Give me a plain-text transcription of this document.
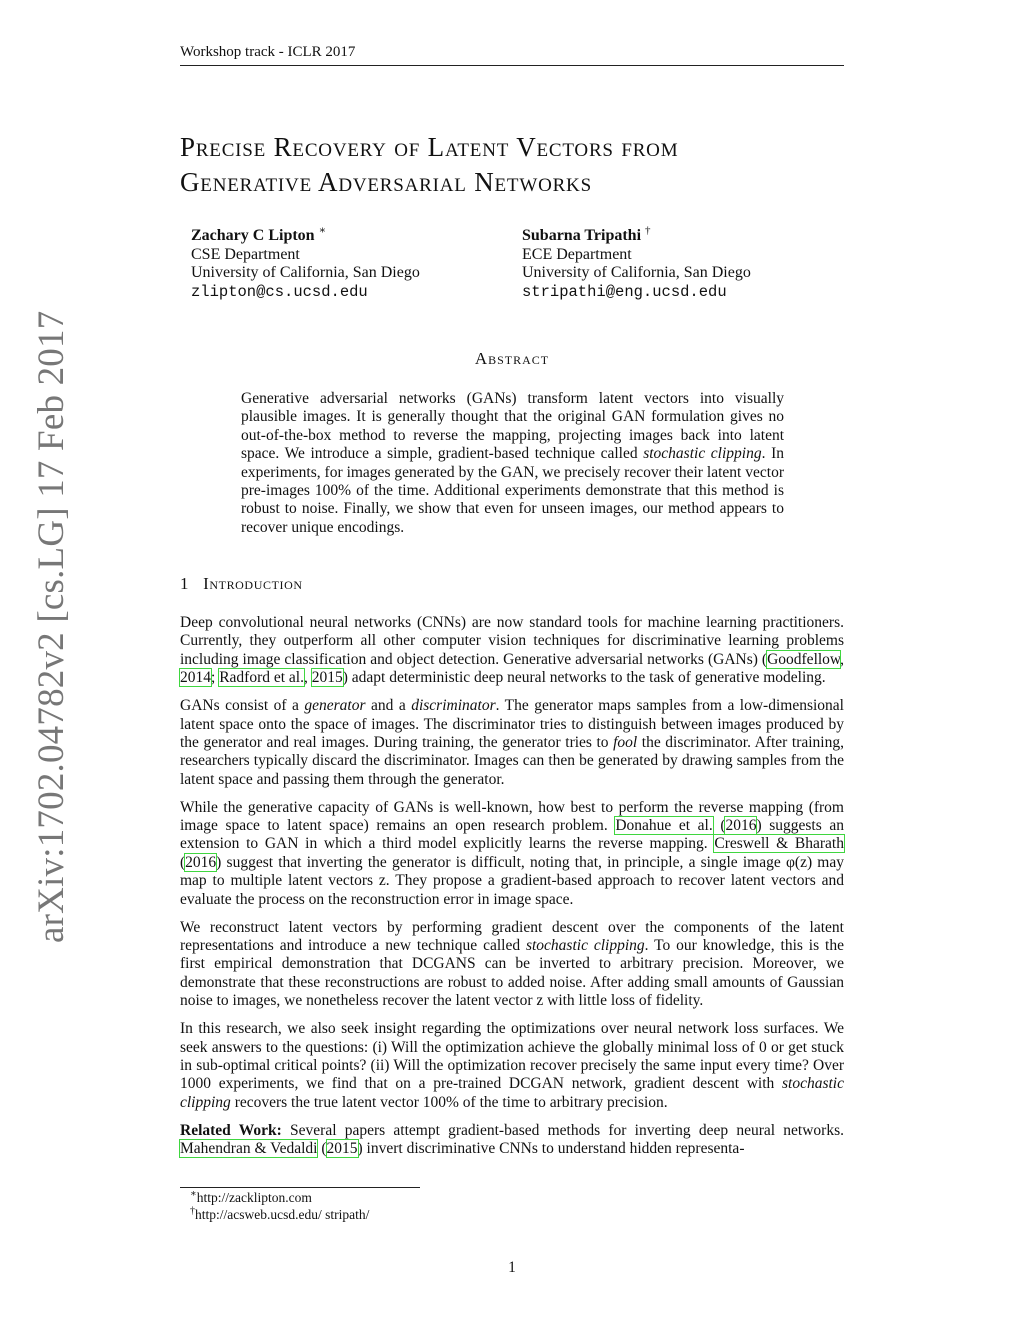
Workshop track - ICLR 2017
arXiv:1702.04782v2 [cs.LG] 17 Feb 2017
Precise Recovery of Latent Vectors from
Generative Adversarial Networks
Zachary C Lipton ∗
CSE Department
University of California, San Diego
zlipton@cs.ucsd.edu
Subarna Tripathi †
ECE Department
University of California, San Diego
stripathi@eng.ucsd.edu
Abstract
Generative adversarial networks (GANs) transform latent vectors into visually plausible images. It is generally thought that the original GAN formulation gives no out-of-the-box method to reverse the mapping, projecting images back into latent space. We introduce a simple, gradient-based technique called stochastic clipping. In experiments, for images generated by the GAN, we precisely recover their latent vector pre-images 100% of the time. Additional experiments demonstrate that this method is robust to noise. Finally, we show that even for unseen images, our method appears to recover unique encodings.
1 Introduction

Deep convolutional neural networks (CNNs) are now standard tools for machine learning practitioners. Currently, they outperform all other computer vision techniques for discriminative learning problems including image classification and object detection. Generative adversarial networks (GANs) (Goodfellow, 2014; Radford et al., 2015) adapt deterministic deep neural networks to the task of generative modeling.

GANs consist of a generator and a discriminator. The generator maps samples from a low-dimensional latent space onto the space of images. The discriminator tries to distinguish between images produced by the generator and real images. During training, the generator tries to fool the discriminator. After training, researchers typically discard the discriminator. Images can then be generated by drawing samples from the latent space and passing them through the generator.

While the generative capacity of GANs is well-known, how best to perform the reverse mapping (from image space to latent space) remains an open research problem. Donahue et al. (2016) suggests an extension to GAN in which a third model explicitly learns the reverse mapping. Creswell & Bharath (2016) suggest that inverting the generator is difficult, noting that, in principle, a single image φ(z) may map to multiple latent vectors z. They propose a gradient-based approach to recover latent vectors and evaluate the process on the reconstruction error in image space.

We reconstruct latent vectors by performing gradient descent over the components of the latent representations and introduce a new technique called stochastic clipping. To our knowledge, this is the first empirical demonstration that DCGANS can be inverted to arbitrary precision. Moreover, we demonstrate that these reconstructions are robust to added noise. After adding small amounts of Gaussian noise to images, we nonetheless recover the latent vector z with little loss of fidelity.

In this research, we also seek insight regarding the optimizations over neural network loss surfaces. We seek answers to the questions: (i) Will the optimization achieve the globally minimal loss of 0 or get stuck in sub-optimal critical points? (ii) Will the optimization recover precisely the same input every time? Over 1000 experiments, we find that on a pre-trained DCGAN network, gradient descent with stochastic clipping recovers the true latent vector 100% of the time to arbitrary precision.

Related Work: Several papers attempt gradient-based methods for inverting deep neural networks. Mahendran & Vedaldi (2015) invert discriminative CNNs to understand hidden representa-

∗http://zacklipton.com
†http://acsweb.ucsd.edu/ stripath/
1
